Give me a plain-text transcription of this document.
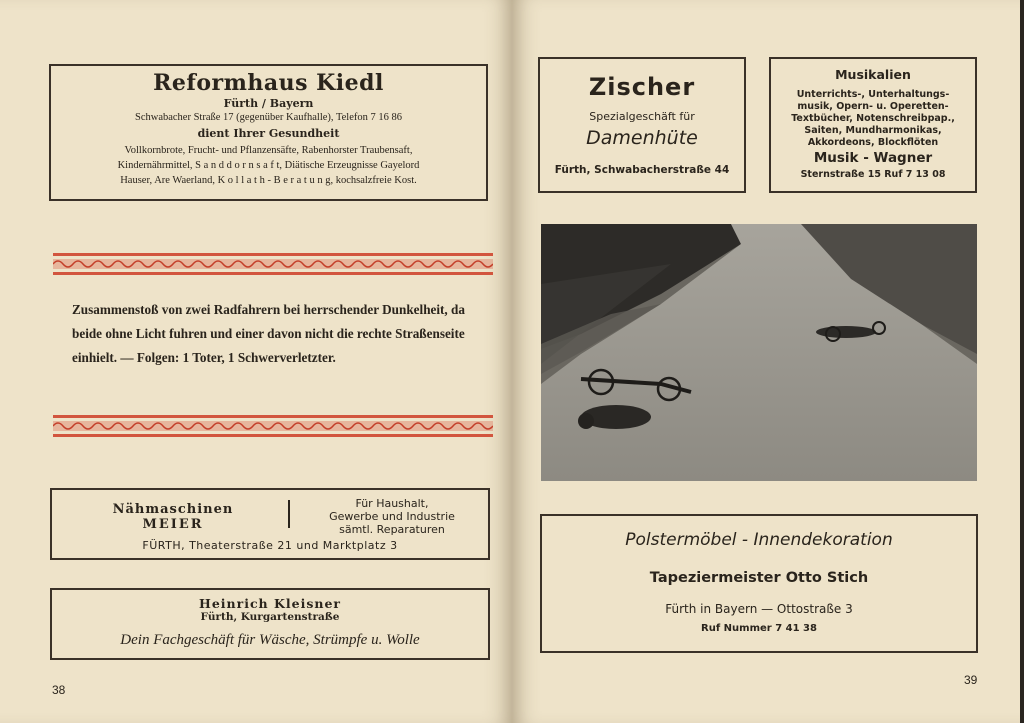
Reformhaus Kiedl
Fürth / Bayern
Schwabacher Straße 17 (gegenüber Kaufhalle), Telefon 7 16 86
dient Ihrer Gesundheit
Vollkornbrote, Frucht- und Pflanzensäfte, Rabenhorster Traubensaft,
Kindernährmittel, S a n d d o r n s a f t, Diätische Erzeugnisse Gayelord
Hauser, Are Waerland, K o l l a t h - B e r a t u n g, kochsalzfreie Kost.
Zusammenstoß von zwei Radfahrern bei herrschender Dunkelheit, da beide ohne Licht fuhren und einer davon nicht die rechte Straßenseite einhielt. — Folgen: 1 Toter, 1 Schwerverletzter.
Nähmaschinen
MEIER
Für Haushalt,
Gewerbe und Industrie
sämtl. Reparaturen
FÜRTH, Theaterstraße 21 und Marktplatz 3
Heinrich Kleisner
Fürth, Kurgartenstraße
Dein Fachgeschäft für Wäsche, Strümpfe u. Wolle
38
Zischer
Spezialgeschäft für
Damenhüte
Fürth, Schwabacherstraße 44
Musikalien
Unterrichts-, Unterhaltungs-
musik, Opern- u. Operetten-
Textbücher, Notenschreibpap.,
Saiten, Mundharmonikas,
Akkordeons, Blockflöten
Musik - Wagner
Sternstraße 15 Ruf 7 13 08
Polstermöbel - Innendekoration
Tapeziermeister Otto Stich
Fürth in Bayern — Ottostraße 3
Ruf Nummer 7 41 38
39
